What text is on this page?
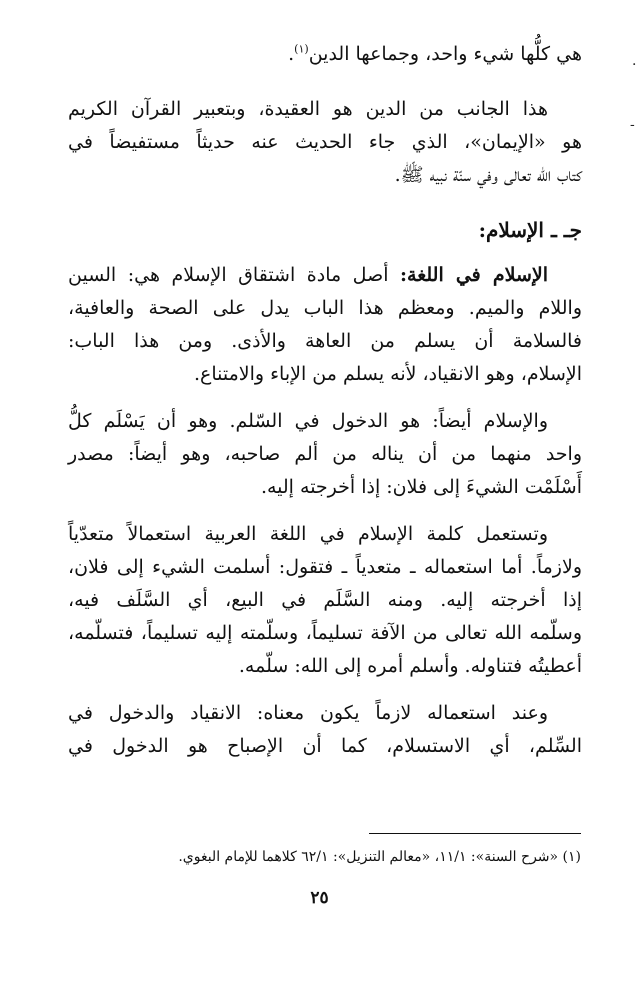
هي كلُّها شيء واحد، وجماعها الدين$^{(١)}$.
هذا الجانب من الدين هو العقيدة، وبتعبير القرآن الكريم
هو «الإيمان»، الذي جاء الحديث عنه حديثاً مستفيضاً في
كتاب الله تعالى وفي سنّة نبيه ﷺ.
جـ ـ الإسلام:
الإسلام في اللغة: أصل مادة اشتقاق الإسلام هي: السين
واللام والميم. ومعظم هذا الباب يدل على الصحة والعافية،
فالسلامة أن يسلم من العاهة والأذى. ومن هذا الباب:
الإسلام، وهو الانقياد، لأنه يسلم من الإباء والامتناع.
والإسلام أيضاً: هو الدخول في السّلم. وهو أن يَسْلَم كلُّ
واحد منهما من أن يناله من ألم صاحبه، وهو أيضاً: مصدر
أَسْلَمْت الشيءَ إلى فلان: إذا أخرجته إليه.
وتستعمل كلمة الإسلام في اللغة العربية استعمالاً متعدّياً
ولازماً. أما استعماله ـ متعدياً ـ فتقول: أسلمت الشيء إلى فلان،
إذا أخرجته إليه. ومنه السَّلَم في البيع، أي السَّلَف فيه،
وسلّمه الله تعالى من الآفة تسليماً، وسلّمته إليه تسليماً، فتسلّمه،
أعطيتُه فتناوله. وأسلم أمره إلى الله: سلّمه.
وعند استعماله لازماً يكون معناه: الانقياد والدخول في
السِّلم، أي الاستسلام، كما أن الإصباح هو الدخول في
(١) «شرح السنة»: ١١/١، «معالم التنزيل»: ٦٢/١ كلاهما للإمام البغوي.
٢٥
·
-
